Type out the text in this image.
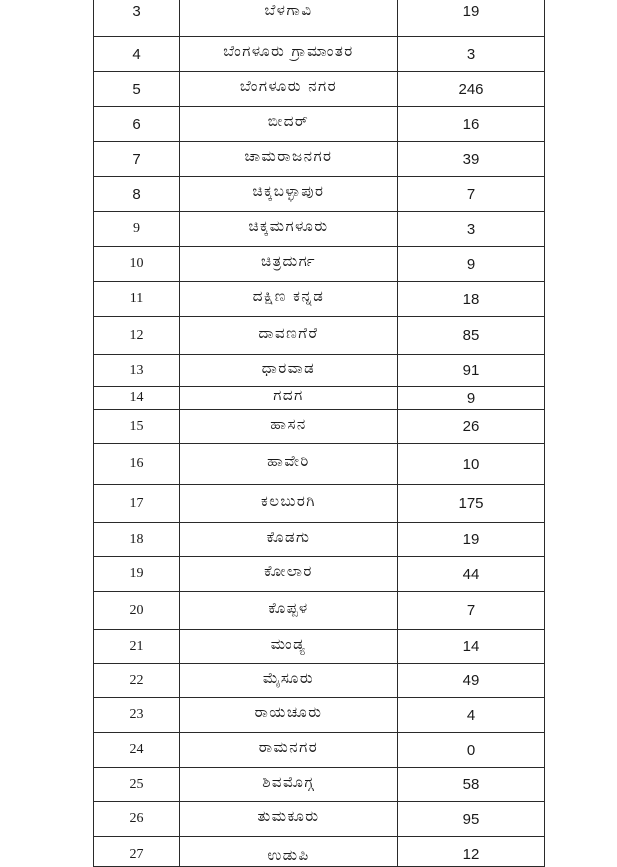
3	ಬೆಳಗಾವಿ	19
4	ಬೆಂಗಳೂರು ಗ್ರಾಮಾಂತರ	3
5	ಬೆಂಗಳೂರು ನಗರ	246
6	ಬೀದರ್	16
7	ಚಾಮರಾಜನಗರ	39
8	ಚಿಕ್ಕಬಳ್ಳಾಪುರ	7
9	ಚಿಕ್ಕಮಗಳೂರು	3
10	ಚಿತ್ರದುರ್ಗ	9
11	ದಕ್ಷಿಣ ಕನ್ನಡ	18
12	ದಾವಣಗೆರೆ	85
13	ಧಾರವಾಡ	91
14	ಗದಗ	9
15	ಹಾಸನ	26
16	ಹಾವೇರಿ	10
17	ಕಲಬುರಗಿ	175
18	ಕೊಡಗು	19
19	ಕೋಲಾರ	44
20	ಕೊಪ್ಪಳ	7
21	ಮಂಡ್ಯ	14
22	ಮೈಸೂರು	49
23	ರಾಯಚೂರು	4
24	ರಾಮನಗರ	0
25	ಶಿವಮೊಗ್ಗ	58
26	ತುಮಕೂರು	95
27	ಉಡುಪಿ	12
